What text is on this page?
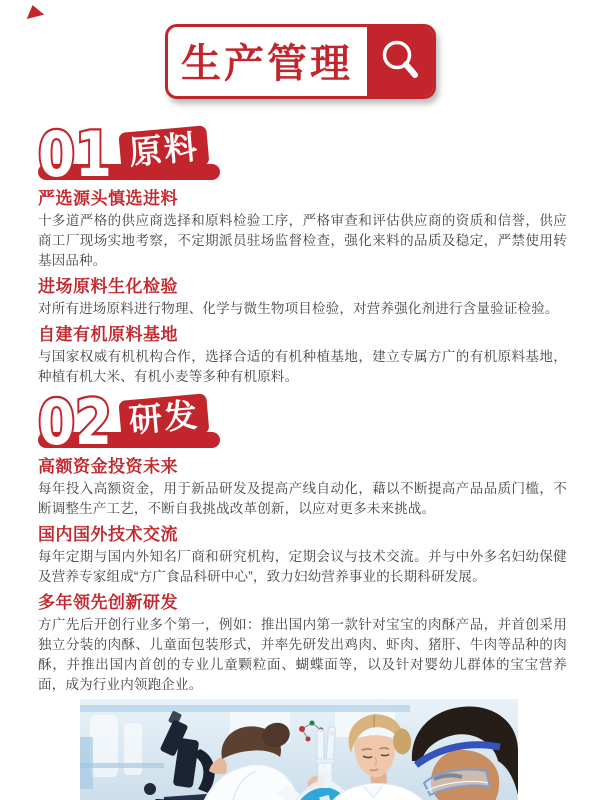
生产管理
原料
01
严选源头慎选进料

十多道严格的供应商选择和原料检验工序，严格审查和评估供应商的资质和信誉，供应商工厂现场实地考察，不定期派员驻场监督检查，强化来料的品质及稳定，严禁使用转基因品种。

进场原料生化检验

对所有进场原料进行物理、化学与微生物项目检验，对营养强化剂进行含量验证检验。

自建有机原料基地

与国家权威有机机构合作，选择合适的有机种植基地，建立专属方广的有机原料基地，种植有机大米、有机小麦等多种有机原料。

研发
02
高额资金投资未来

每年投入高额资金，用于新品研发及提高产线自动化，藉以不断提高产品品质门槛，不断调整生产工艺，不断自我挑战改革创新，以应对更多未来挑战。

国内国外技术交流

每年定期与国内外知名厂商和研究机构，定期会议与技术交流。并与中外多名妇幼保健及营养专家组成“方广食品科研中心”，致力妇幼营养事业的长期科研发展。

多年领先创新研发

方广先后开创行业多个第一，例如：推出国内第一款针对宝宝的肉酥产品，并首创采用独立分装的肉酥、儿童面包装形式，并率先研发出鸡肉、虾肉、猪肝、牛肉等品种的肉酥，并推出国内首创的专业儿童颗粒面、蝴蝶面等，以及针对婴幼儿群体的宝宝营养面，成为行业内领跑企业。
